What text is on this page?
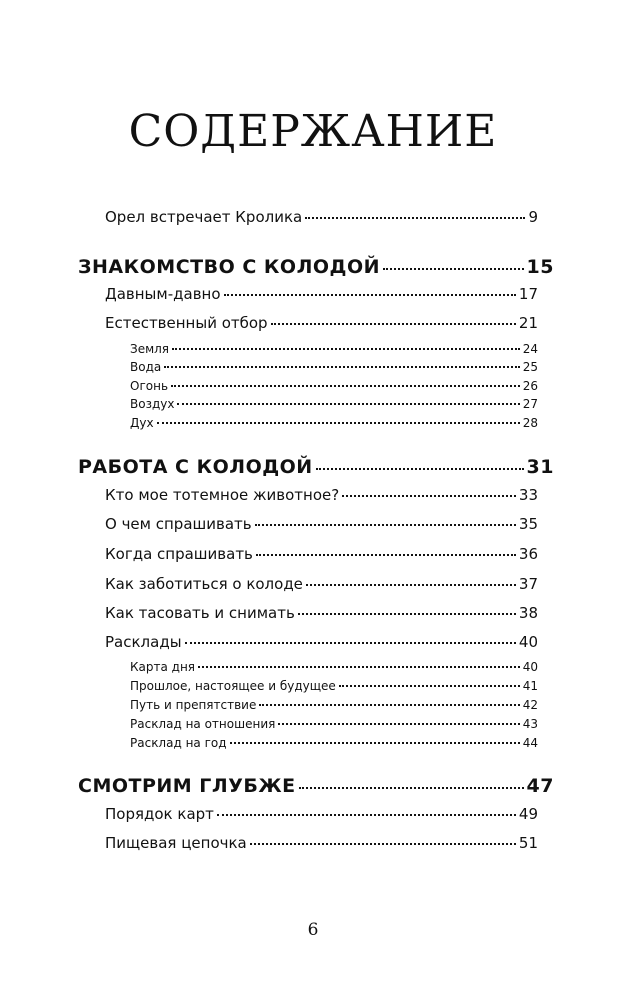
СОДЕРЖАНИЕ
Орел встречает Кролика	9
ЗНАКОМСТВО С КОЛОДОЙ	15
Давным-давно	17
Естественный отбор	21
Земля	24
Вода	25
Огонь	26
Воздух	27
Дух	28
РАБОТА С КОЛОДОЙ	31
Кто мое тотемное животное?	33
О чем спрашивать	35
Когда спрашивать	36
Как заботиться о колоде	37
Как тасовать и снимать	38
Расклады	40
Карта дня	40
Прошлое, настоящее и будущее	41
Путь и препятствие	42
Расклад на отношения	43
Расклад на год	44
СМОТРИМ ГЛУБЖЕ	47
Порядок карт	49
Пищевая цепочка	51
6
